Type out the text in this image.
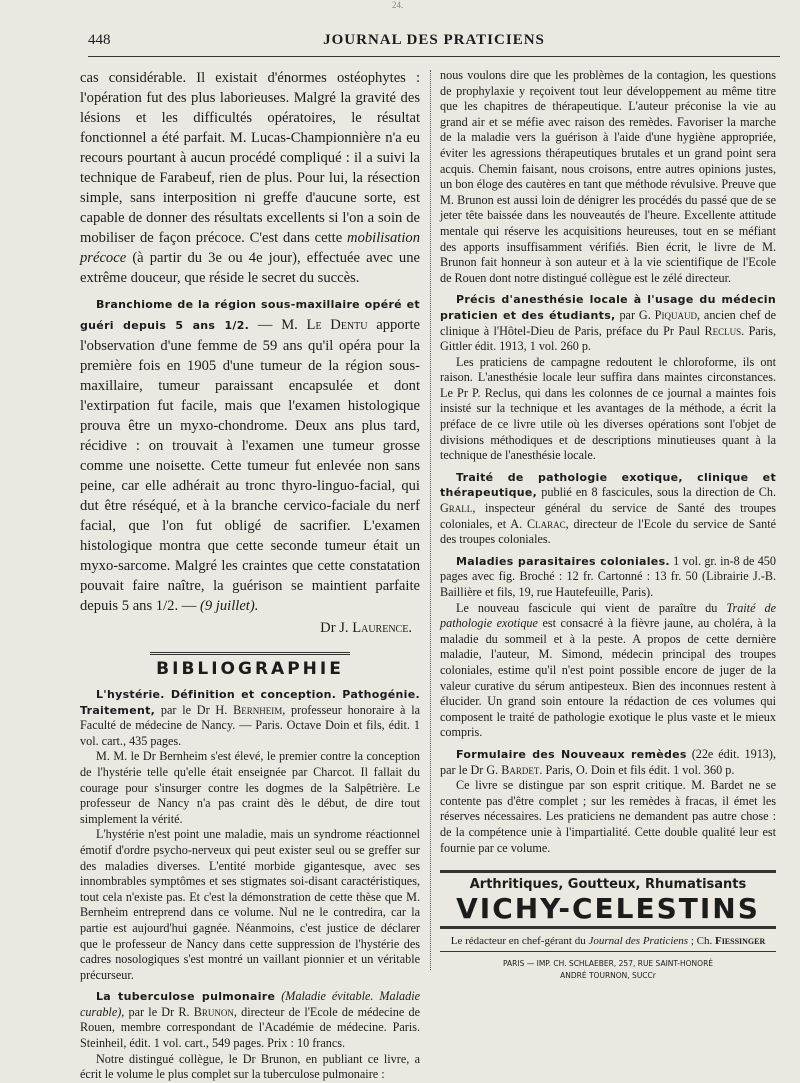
24.
448	JOURNAL DES PRATICIENS

cas considérable. Il existait d'énormes ostéophytes : l'opération fut des plus laborieuses. Malgré la gravité des lésions et les difficultés opératoires, le résultat fonctionnel a été parfait. M. Lucas-Championnière n'a eu recours pourtant à aucun procédé compliqué : il a suivi la technique de Farabeuf, rien de plus. Pour lui, la résection simple, sans interposition ni greffe d'aucune sorte, est capable de donner des résultats excellents si l'on a soin de mobiliser de façon précoce. C'est dans cette mobilisation précoce (à partir du 3e ou 4e jour), effectuée avec une extrême douceur, que réside le secret du succès.

Branchiome de la région sous-maxillaire opéré et guéri depuis 5 ans 1/2. — M. Le Dentu apporte l'observation d'une femme de 59 ans qu'il opéra pour la première fois en 1905 d'une tumeur de la région sous-maxillaire, tumeur paraissant encapsulée et dont l'extirpation fut facile, mais que l'examen histologique prouva être un myxo-chondrome. Deux ans plus tard, récidive : on trouvait à l'examen une tumeur grosse comme une noisette. Cette tumeur fut enlevée non sans peine, car elle adhérait au tronc thyro-linguo-facial, qui dut être réséqué, et à la branche cervico-faciale du nerf facial, que l'on fut obligé de sacrifier. L'examen histologique montra que cette seconde tumeur était un myxo-sarcome. Malgré les craintes que cette constatation pouvait faire naître, la guérison se maintient parfaite depuis 5 ans 1/2. — (9 juillet).

Dr J. Laurence.

BIBLIOGRAPHIE

L'hystérie. Définition et conception. Pathogénie. Traitement, par le Dr H. Bernheim, professeur honoraire à la Faculté de médecine de Nancy. — Paris. Octave Doin et fils, édit. 1 vol. cart., 435 pages.

M. M. le Dr Bernheim s'est élevé, le premier contre la conception de l'hystérie telle qu'elle était enseignée par Charcot. Il fallait du courage pour s'insurger contre les dogmes de la Salpêtrière. Le professeur de Nancy n'a pas craint dès le début, de dire tout simplement la vérité.

L'hystérie n'est point une maladie, mais un syndrome réactionnel émotif d'ordre psycho-nerveux qui peut exister seul ou se greffer sur des maladies diverses. L'entité morbide gigantesque, avec ses innombrables symptômes et ses stigmates soi-disant caractéristiques, tout cela n'existe pas. Et c'est la démonstration de cette thèse que M. Bernheim entreprend dans ce volume. Nul ne le contredira, car la partie est aujourd'hui gagnée. Néanmoins, c'est justice de déclarer que le professeur de Nancy dans cette suppression de l'hystérie des cadres nosologiques s'est montré un vaillant pionnier et un véritable précurseur.

La tuberculose pulmonaire (Maladie évitable. Maladie curable), par le Dr R. Brunon, directeur de l'Ecole de médecine de Rouen, membre correspondant de l'Académie de médecine. Paris. Steinheil, édit. 1 vol. cart., 549 pages. Prix : 10 francs.

Notre distingué collègue, le Dr Brunon, en publiant ce livre, a écrit le volume le plus complet sur la tuberculose pulmonaire :

nous voulons dire que les problèmes de la contagion, les questions de prophylaxie y reçoivent tout leur développement au même titre que les chapitres de thérapeutique. L'auteur préconise la vie au grand air et se méfie avec raison des remèdes. Favoriser la marche de la maladie vers la guérison à l'aide d'une hygiène appropriée, éviter les agressions thérapeutiques brutales et un grand point sera acquis. Chemin faisant, nous croisons, entre autres opinions justes, un bon éloge des cautères en tant que méthode révulsive. Preuve que M. Brunon est aussi loin de dénigrer les procédés du passé que de se jeter tête baissée dans les nouveautés de l'heure. Excellente attitude mentale qui réserve les acquisitions heureuses, tout en se méfiant des apports insuffisamment vérifiés. Bien écrit, le livre de M. Brunon fait honneur à son auteur et à la vie scientifique de l'Ecole de Rouen dont notre distingué collègue est le zélé directeur.

Précis d'anesthésie locale à l'usage du médecin praticien et des étudiants, par G. Piquaud, ancien chef de clinique à l'Hôtel-Dieu de Paris, préface du Pr Paul Reclus. Paris, Gittler édit. 1913, 1 vol. 260 p.

Les praticiens de campagne redoutent le chloroforme, ils ont raison. L'anesthésie locale leur suffira dans maintes circonstances. Le Pr P. Reclus, qui dans les colonnes de ce journal a maintes fois insisté sur la technique et les avantages de la méthode, a écrit la préface de ce livre utile où les diverses opérations sont l'objet de divisions méthodiques et de descriptions minutieuses quant à la technique de l'anesthésie locale.

Traité de pathologie exotique, clinique et thérapeutique, publié en 8 fascicules, sous la direction de Ch. Grall, inspecteur général du service de Santé des troupes coloniales, et A. Clarac, directeur de l'Ecole du service de Santé des troupes coloniales.

Maladies parasitaires coloniales. 1 vol. gr. in-8 de 450 pages avec fig. Broché : 12 fr. Cartonné : 13 fr. 50 (Librairie J.-B. Baillière et fils, 19, rue Hautefeuille, Paris).

Le nouveau fascicule qui vient de paraître du Traité de pathologie exotique est consacré à la fièvre jaune, au choléra, à la maladie du sommeil et à la peste. A propos de cette dernière maladie, l'auteur, M. Simond, médecin principal des troupes coloniales, estime qu'il n'est point possible encore de juger de la valeur curative du sérum antipesteux. Bien des inconnues restent à élucider. Un grand soin entoure la rédaction de ces volumes qui composent le traité de pathologie exotique le plus vaste et le mieux compris.

Formulaire des Nouveaux remèdes (22e édit. 1913), par le Dr G. Bardet. Paris, O. Doin et fils édit. 1 vol. 360 p.

Ce livre se distingue par son esprit critique. M. Bardet ne se contente pas d'être complet ; sur les remèdes à fracas, il émet les réserves nécessaires. Les praticiens ne demandent pas autre chose : de la compétence unie à l'impartialité. Cette double qualité leur est fournie par ce volume.

Arthritiques, Goutteux, Rhumatisants
VICHY-CELESTINS
Le rédacteur en chef-gérant du Journal des Praticiens ; Ch. Fiessinger
PARIS — IMP. CH. SCHLAEBER, 257, RUE SAINT-HONORÉ
ANDRÉ TOURNON, SUCCr
